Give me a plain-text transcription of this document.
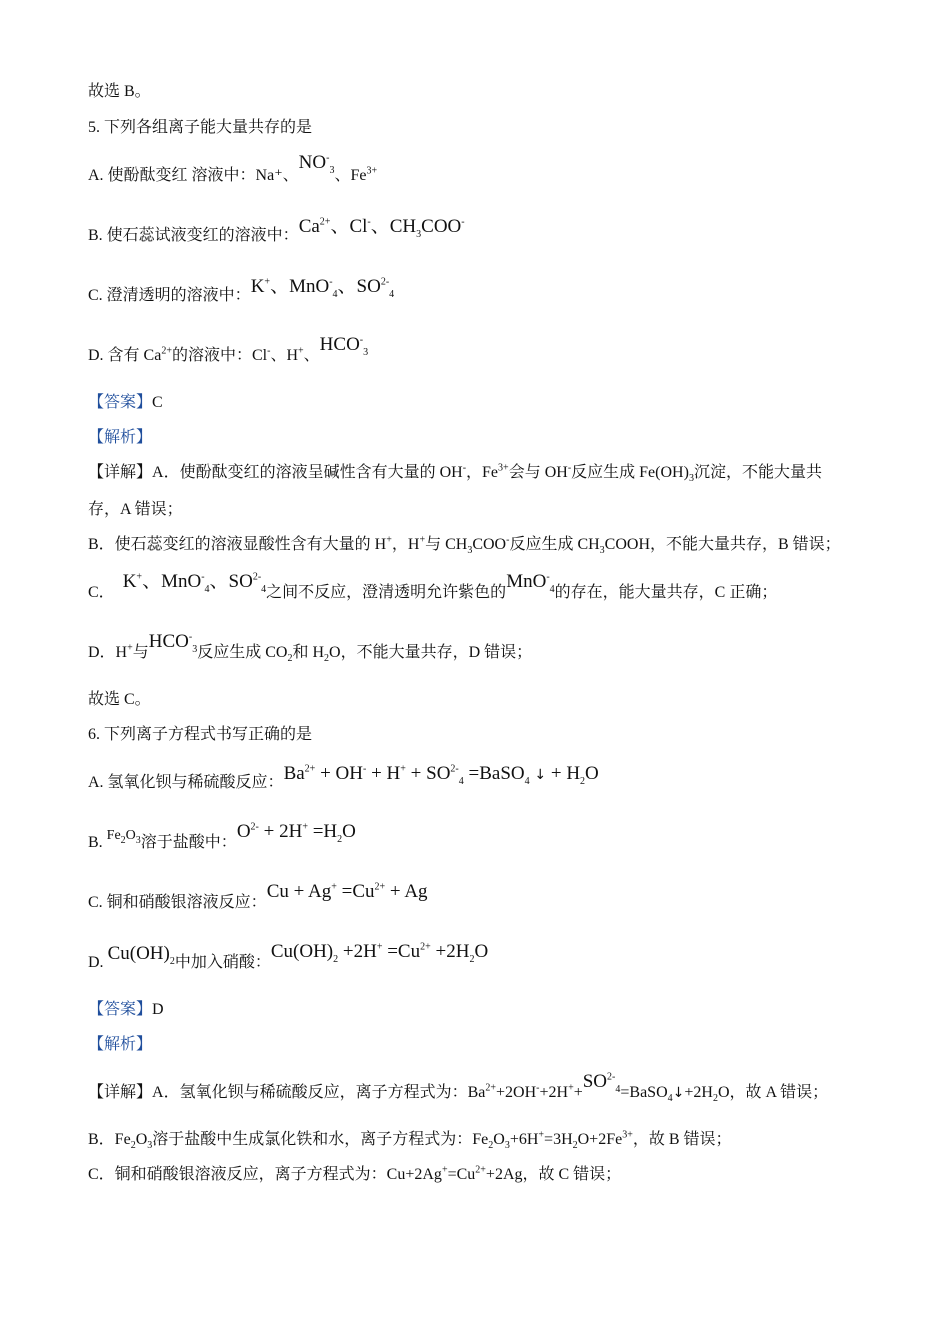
故选 B。
5. 下列各组离子能大量共存的是
A. 使酚酞变红 溶液中：Na⁺、$NO^-_3$、$Fe^{3+}$
B. 使石蕊试液变红的溶液中：$Ca^{2+}$、Cl-、$CH_3COO^-$
C. 澄清透明的溶液中：K+、MnO-$_4$、$SO^{2-}_4$
D. 含有 $Ca^{2+}$的溶液中：Cl-、H+、$HCO^-_3$
【答案】C
【解析】
【详解】A．使酚酞变红的溶液呈碱性含有大量的 OH-，$Fe^{3+}$会与 OH-反应生成 $Fe(OH)_3$沉淀，不能大量共
存，A 错误；
B．使石蕊变红的溶液显酸性含有大量的 H+，H+与 $CH_3COO^-$反应生成 $CH_3COOH$，不能大量共存，B 错误；
C．K+、MnO-$_4$、$SO^{2-}_4$之间不反应，澄清透明允许紫色的MnO-$_4$的存在，能大量共存，C 正确；
D．H+与$HCO^-_3$反应生成 $CO_2$和 $H_2O$，不能大量共存，D 错误；
故选 C。
6. 下列离子方程式书写正确的是
A. 氢氧化钡与稀硫酸反应：$Ba^{2+} + OH^- + H^+ + SO^{2-}_4$ =BaSO$_4$ ↓ + $H_2O$
B. $Fe_2O_3$溶于盐酸中：$O^{2-} + 2H^+ =H_2O$
C. 铜和硝酸银溶液反应：$Cu + Ag^+ =Cu^{2+} + Ag$
D. $Cu(OH)_2$中加入硝酸：$Cu(OH)_2 +2H^+ =Cu^{2+} +2H_2O$
【答案】D
【解析】
【详解】A．氢氧化钡与稀硫酸反应，离子方程式为：$Ba^{2+}+2OH^-+2H^++SO^{2-}_4=BaSO_4↓+2H_2O$，故 A 错误；
B．$Fe_2O_3$溶于盐酸中生成氯化铁和水，离子方程式为：$Fe_2O_3+6H^+=3H_2O+2Fe^{3+}$，故 B 错误；
C．铜和硝酸银溶液反应，离子方程式为：$Cu+2Ag^+=Cu^{2+}+2Ag$，故 C 错误；
